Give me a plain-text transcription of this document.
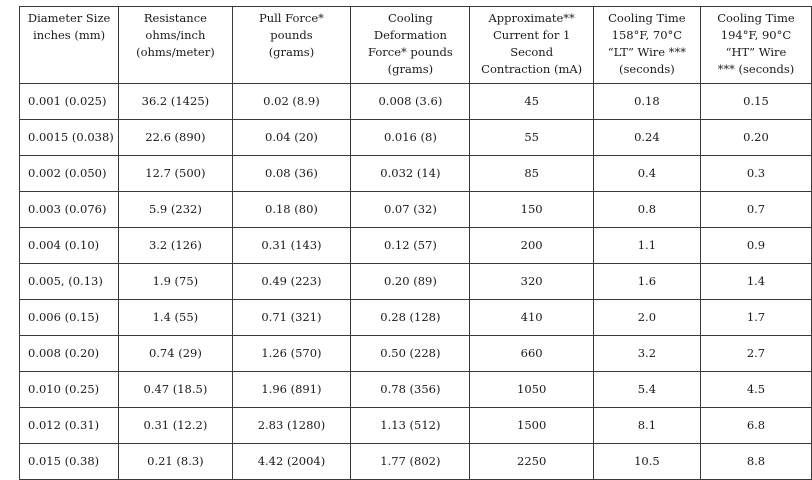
Diameter Size
inches (mm)	Resistance
ohms/inch
(ohms/meter)	Pull Force*
pounds
(grams)	Cooling
Deformation
Force* pounds
(grams)	Approximate**
Current for 1
Second
Contraction (mA)	Cooling Time
158°F, 70°C
“LT” Wire ***
(seconds)	Cooling Time
194°F, 90°C
“HT” Wire
*** (seconds)
0.001 (0.025)	36.2 (1425)	0.02 (8.9)	0.008 (3.6)	45	0.18	0.15
0.0015 (0.038)	22.6 (890)	0.04 (20)	0.016 (8)	55	0.24	0.20
0.002 (0.050)	12.7 (500)	0.08 (36)	0.032 (14)	85	0.4	0.3
0.003 (0.076)	5.9 (232)	0.18 (80)	0.07 (32)	150	0.8	0.7
0.004 (0.10)	3.2 (126)	0.31 (143)	0.12 (57)	200	1.1	0.9
0.005, (0.13)	1.9 (75)	0.49 (223)	0.20 (89)	320	1.6	1.4
0.006 (0.15)	1.4 (55)	0.71 (321)	0.28 (128)	410	2.0	1.7
0.008 (0.20)	0.74 (29)	1.26 (570)	0.50 (228)	660	3.2	2.7
0.010 (0.25)	0.47 (18.5)	1.96 (891)	0.78 (356)	1050	5.4	4.5
0.012 (0.31)	0.31 (12.2)	2.83 (1280)	1.13 (512)	1500	8.1	6.8
0.015 (0.38)	0.21 (8.3)	4.42 (2004)	1.77 (802)	2250	10.5	8.8
